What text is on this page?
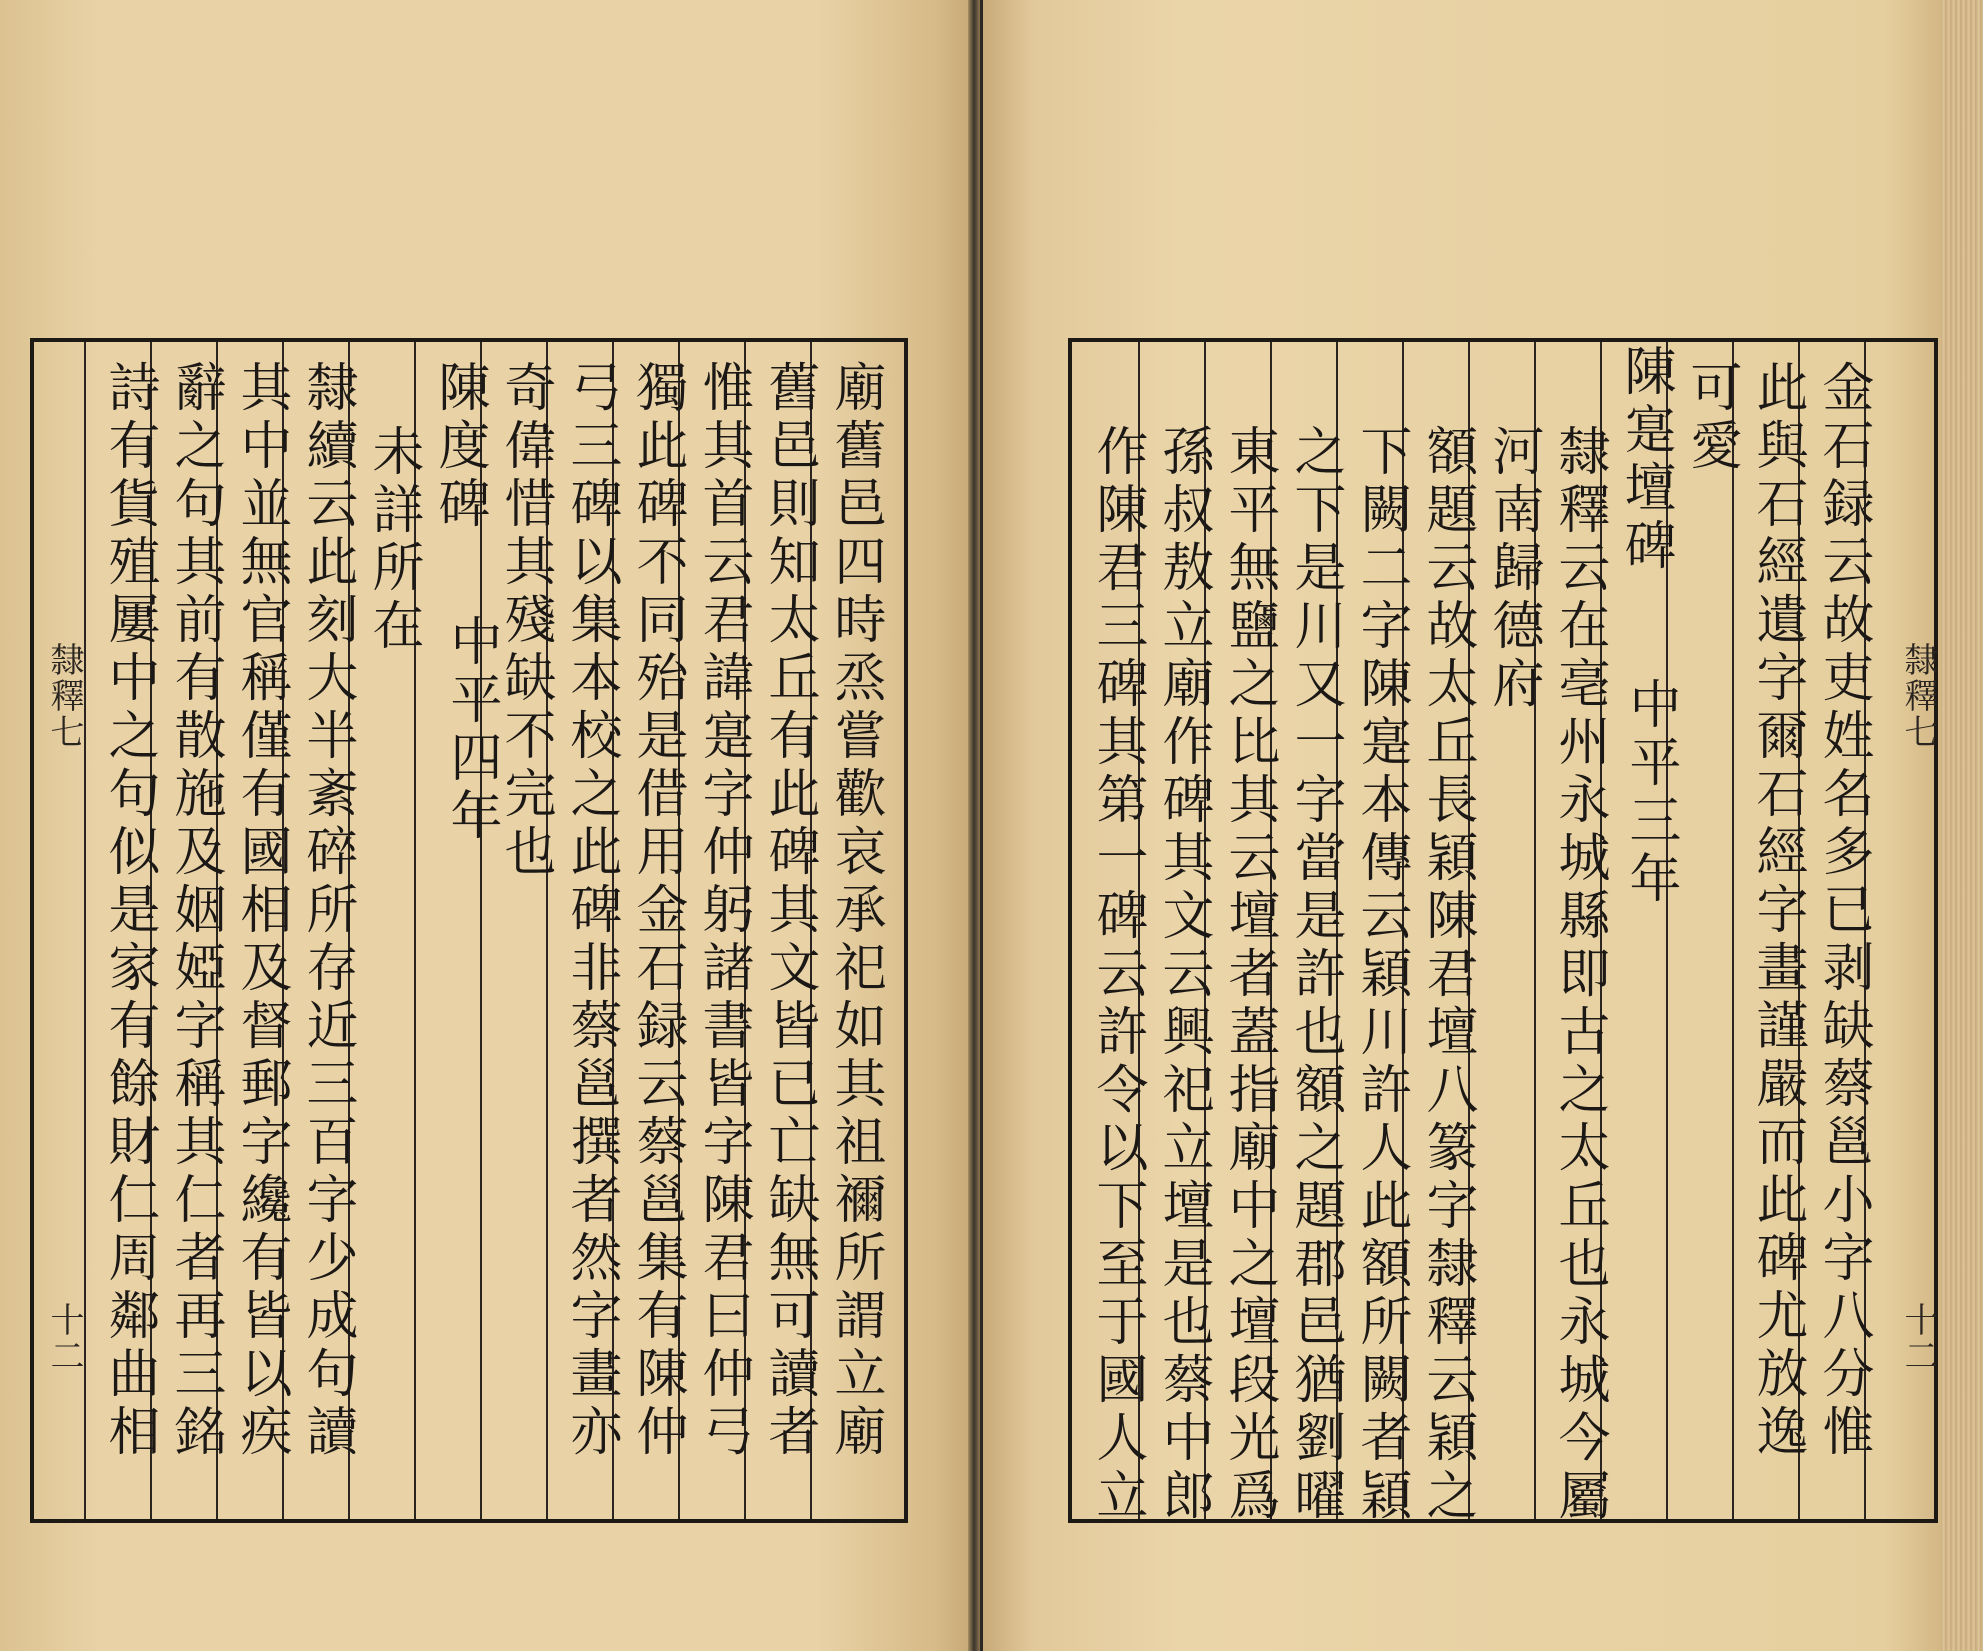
廟舊邑四時烝嘗歡哀承祀如其祖禰所謂立廟
舊邑則知太丘有此碑其文皆已亡缺無可讀者
惟其首云君諱寔字仲躬諸書皆字陳君曰仲弓
獨此碑不同殆是借用金石録云蔡邕集有陳仲
弓三碑以集本校之此碑非蔡邕撰者然字畫亦
奇偉惜其殘缺不完也
陳度碑
中平四年
未詳所在
隸續云此刻大半紊碎所存近三百字少成句讀
其中並無官稱僅有國相及督郵字纔有皆以疾
辭之句其前有散施及姻婭字稱其仁者再三銘
詩有貨殖屢中之句似是家有餘財仁周鄰曲相
隸釋七
十二	金石録云故吏姓名多已剥缺蔡邕小字八分惟
此與石經遺字爾石經字畫謹嚴而此碑尤放逸
可愛
陳寔壇碑
中平三年
隸釋云在亳州永城縣即古之太丘也永城今屬
河南歸德府
額題云故太丘長穎陳君壇八篆字隸釋云穎之
下闕二字陳寔本傳云穎川許人此額所闕者穎
之下是川又一字當是許也額之題郡邑猶劉曜
東平無鹽之比其云壇者蓋指廟中之壇段光爲
孫叔敖立廟作碑其文云興祀立壇是也蔡中郎
作陳君三碑其第一碑云許令以下至于國人立	隸釋七
十二
